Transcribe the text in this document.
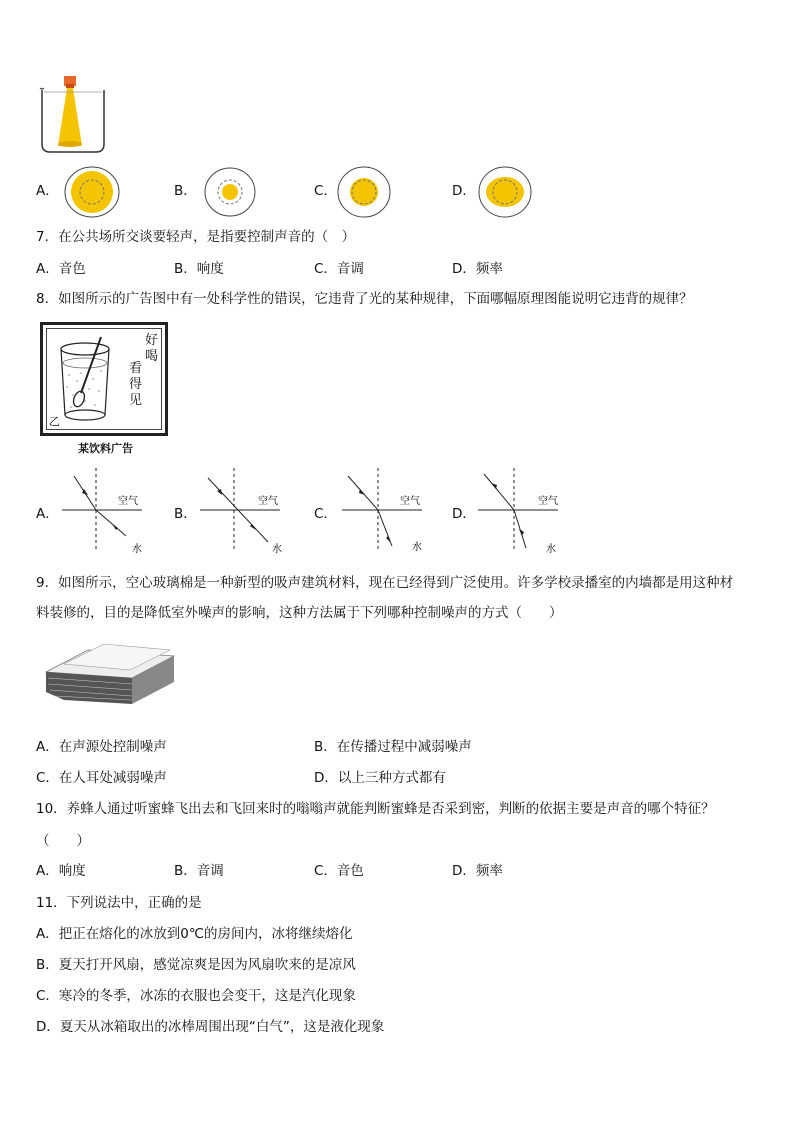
A．	B．	C．	D．
7．在公共场所交谈要轻声，是指要控制声音的（　）
A．音色	B．响度	C．音调	D．频率
8．如图所示的广告图中有一处科学性的错误，它违背了光的某种规律，下面哪幅原理图能说明它违背的规律？
好
喝
看
得
见
乙
某饮料广告
A．
空气
水
B．
空气
水
C．
空气
水
D．
空气
水
9．如图所示，空心玻璃棉是一种新型的吸声建筑材料，现在已经得到广泛使用。许多学校录播室的内墙都是用这种材
料装修的，目的是降低室外噪声的影响，这种方法属于下列哪种控制噪声的方式（　　）
A．在声源处控制噪声	B．在传播过程中减弱噪声
C．在人耳处减弱噪声	D．以上三种方式都有
10．养蜂人通过听蜜蜂飞出去和飞回来时的嗡嗡声就能判断蜜蜂是否采到密，判断的依据主要是声音的哪个特征？
（　　）
A．响度	B．音调	C．音色	D．频率
11．下列说法中，正确的是
A．把正在熔化的冰放到0℃的房间内，冰将继续熔化
B．夏天打开风扇，感觉凉爽是因为风扇吹来的是凉风
C．寒冷的冬季，冰冻的衣服也会变干，这是汽化现象
D．夏天从冰箱取出的冰棒周围出现“白气”，这是液化现象
